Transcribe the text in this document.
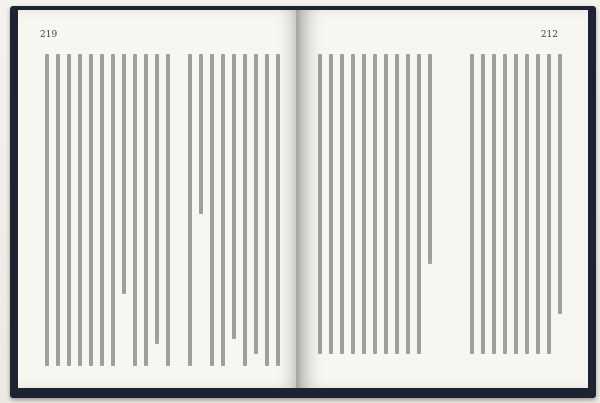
219	212
